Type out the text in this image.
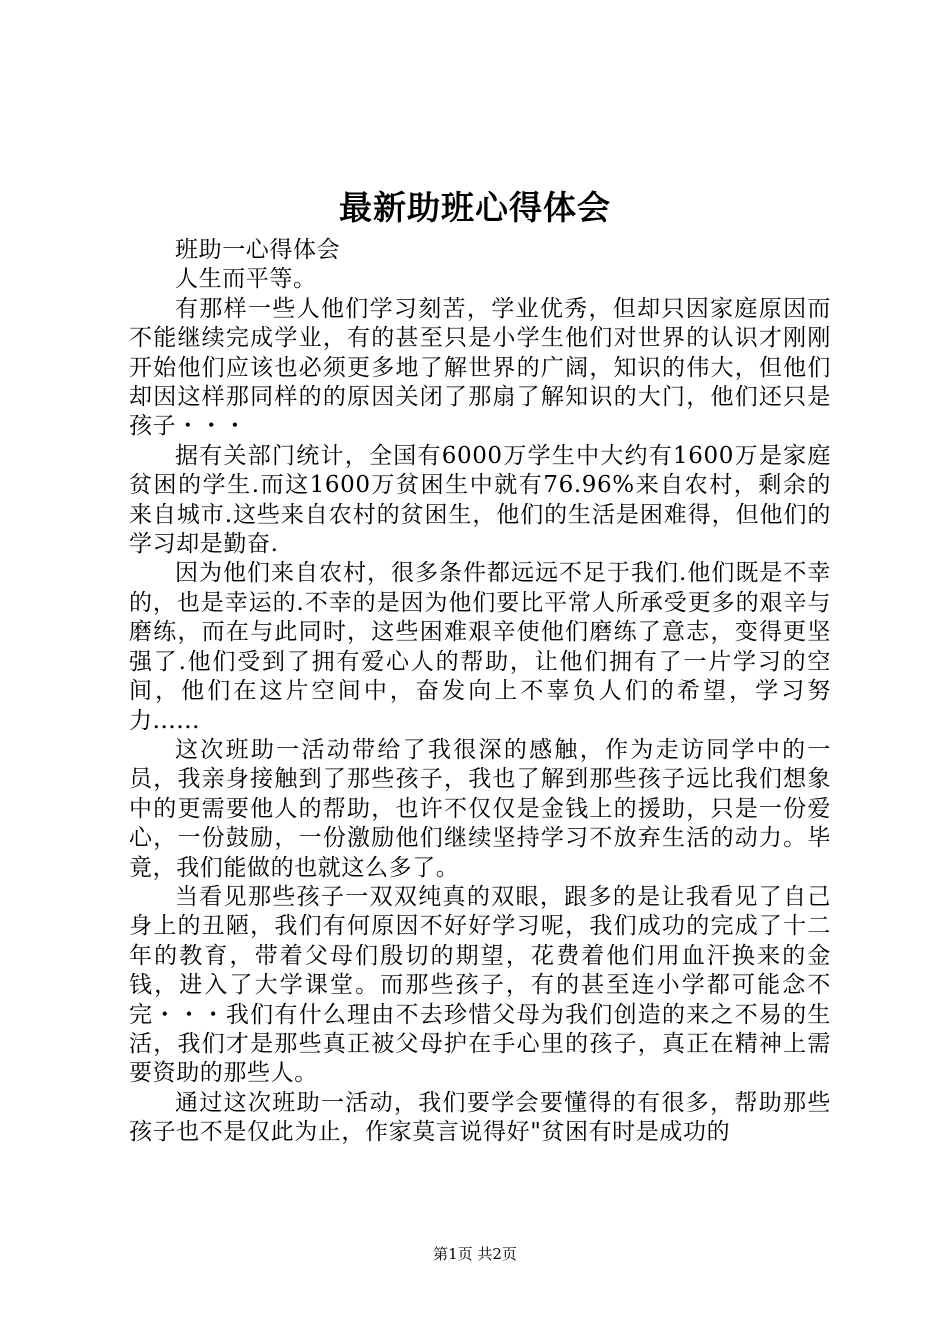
最新助班心得体会

班助一心得体会

人生而平等。

有那样一些人他们学习刻苦，学业优秀，但却只因家庭原因而不能继续完成学业，有的甚至只是小学生他们对世界的认识才刚刚开始他们应该也必须更多地了解世界的广阔，知识的伟大，但他们却因这样那同样的的原因关闭了那扇了解知识的大门，他们还只是孩子・・・

据有关部门统计，全国有6000万学生中大约有1600万是家庭贫困的学生.而这1600万贫困生中就有76.96%来自农村，剩余的来自城市.这些来自农村的贫困生，他们的生活是困难得，但他们的学习却是勤奋.

因为他们来自农村，很多条件都远远不足于我们.他们既是不幸的，也是幸运的.不幸的是因为他们要比平常人所承受更多的艰辛与磨练，而在与此同时，这些困难艰辛使他们磨练了意志，变得更坚强了.他们受到了拥有爱心人的帮助，让他们拥有了一片学习的空间，他们在这片空间中，奋发向上不辜负人们的希望，学习努力......

这次班助一活动带给了我很深的感触，作为走访同学中的一员，我亲身接触到了那些孩子，我也了解到那些孩子远比我们想象中的更需要他人的帮助，也许不仅仅是金钱上的援助，只是一份爱心，一份鼓励，一份激励他们继续坚持学习不放弃生活的动力。毕竟，我们能做的也就这么多了。

当看见那些孩子一双双纯真的双眼，跟多的是让我看见了自己身上的丑陋，我们有何原因不好好学习呢，我们成功的完成了十二年的教育，带着父母们殷切的期望，花费着他们用血汗换来的金钱，进入了大学课堂。而那些孩子，有的甚至连小学都可能念不完・・・我们有什么理由不去珍惜父母为我们创造的来之不易的生活，我们才是那些真正被父母护在手心里的孩子，真正在精神上需要资助的那些人。

通过这次班助一活动，我们要学会要懂得的有很多，帮助那些孩子也不是仅此为止，作家莫言说得好"贫困有时是成功的

第1页 共2页
